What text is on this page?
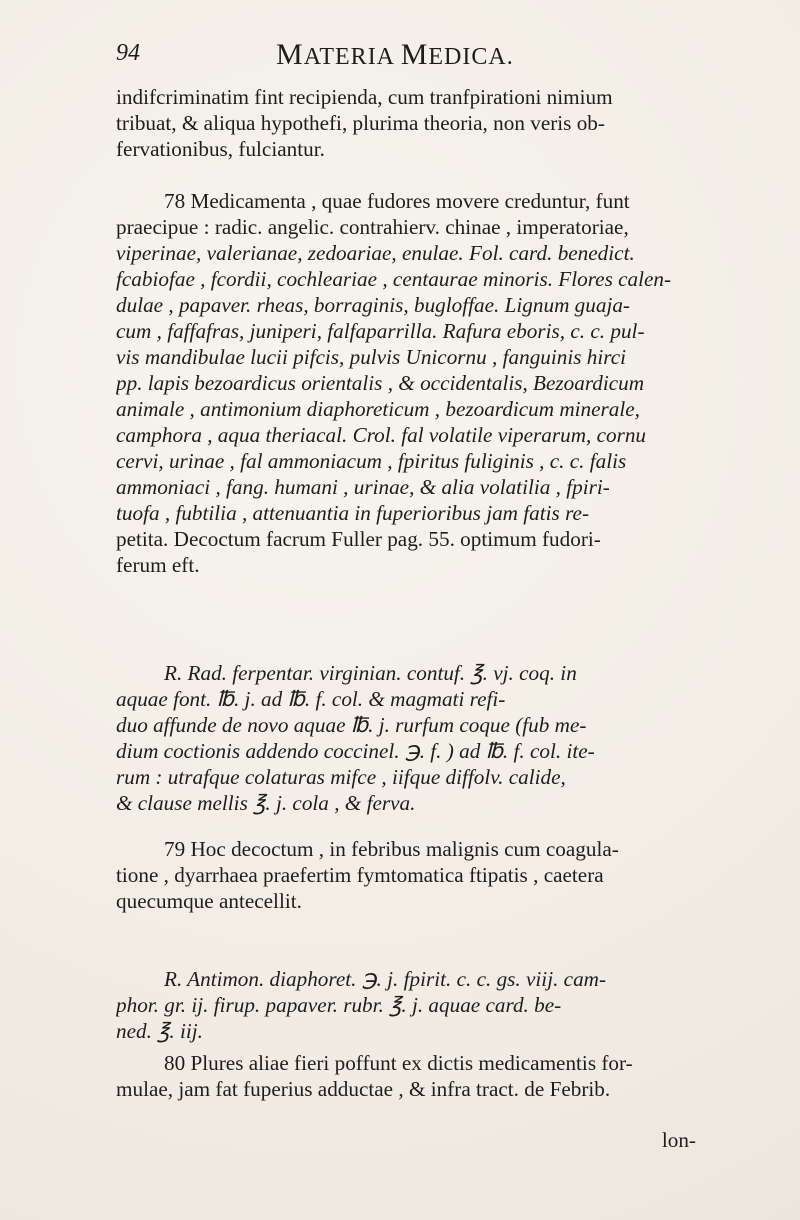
94	MATERIA MEDICA.
indifcriminatim fint recipienda, cum tranfpirationi nimium
tribuat, & aliqua hypothefi, plurima theoria, non veris ob-
fervationibus, fulciantur.
78 Medicamenta , quae fudores movere creduntur, funt
praecipue : radic. angelic. contrahierv. chinae , imperatoriae,
viperinae, valerianae, zedoariae, enulae. Fol. card. benedict.
fcabiofae , fcordii, cochleariae , centaurae minoris. Flores calen-
dulae , papaver. rheas, borraginis, bugloffae. Lignum guaja-
cum , faffafras, juniperi, falfaparrilla. Rafura eboris, c. c. pul-
vis mandibulae lucii pifcis, pulvis Unicornu , fanguinis hirci
pp. lapis bezoardicus orientalis , & occidentalis, Bezoardicum
animale , antimonium diaphoreticum , bezoardicum minerale,
camphora , aqua theriacal. Crol. fal volatile viperarum, cornu
cervi, urinae , fal ammoniacum , fpiritus fuliginis , c. c. falis
ammoniaci , fang. humani , urinae, & alia volatilia , fpiri-
tuofa , fubtilia , attenuantia in fuperioribus jam fatis re-
petita. Decoctum facrum Fuller pag. 55. optimum fudori-
ferum eft.
R. Rad. ferpentar. virginian. contuf. ℥. vj. coq. in
aquae font. ℔. j. ad ℔. f. col. & magmati refi-
duo affunde de novo aquae ℔. j. rurfum coque (fub me-
dium coctionis addendo coccinel. ℈. f. ) ad ℔. f. col. ite-
rum : utrafque colaturas mifce , iifque diffolv. calide,
& clause mellis ℥. j. cola , & ferva.
79 Hoc decoctum , in febribus malignis cum coagula-
tione , dyarrhaea praefertim fymtomatica ftipatis , caetera
quecumque antecellit.
R. Antimon. diaphoret. ℈. j. fpirit. c. c. gs. viij. cam-
phor. gr. ij. firup. papaver. rubr. ℥. j. aquae card. be-
ned. ℥. iij.
80 Plures aliae fieri poffunt ex dictis medicamentis for-
mulae, jam fat fuperius adductae , & infra tract. de Febrib.
lon-
